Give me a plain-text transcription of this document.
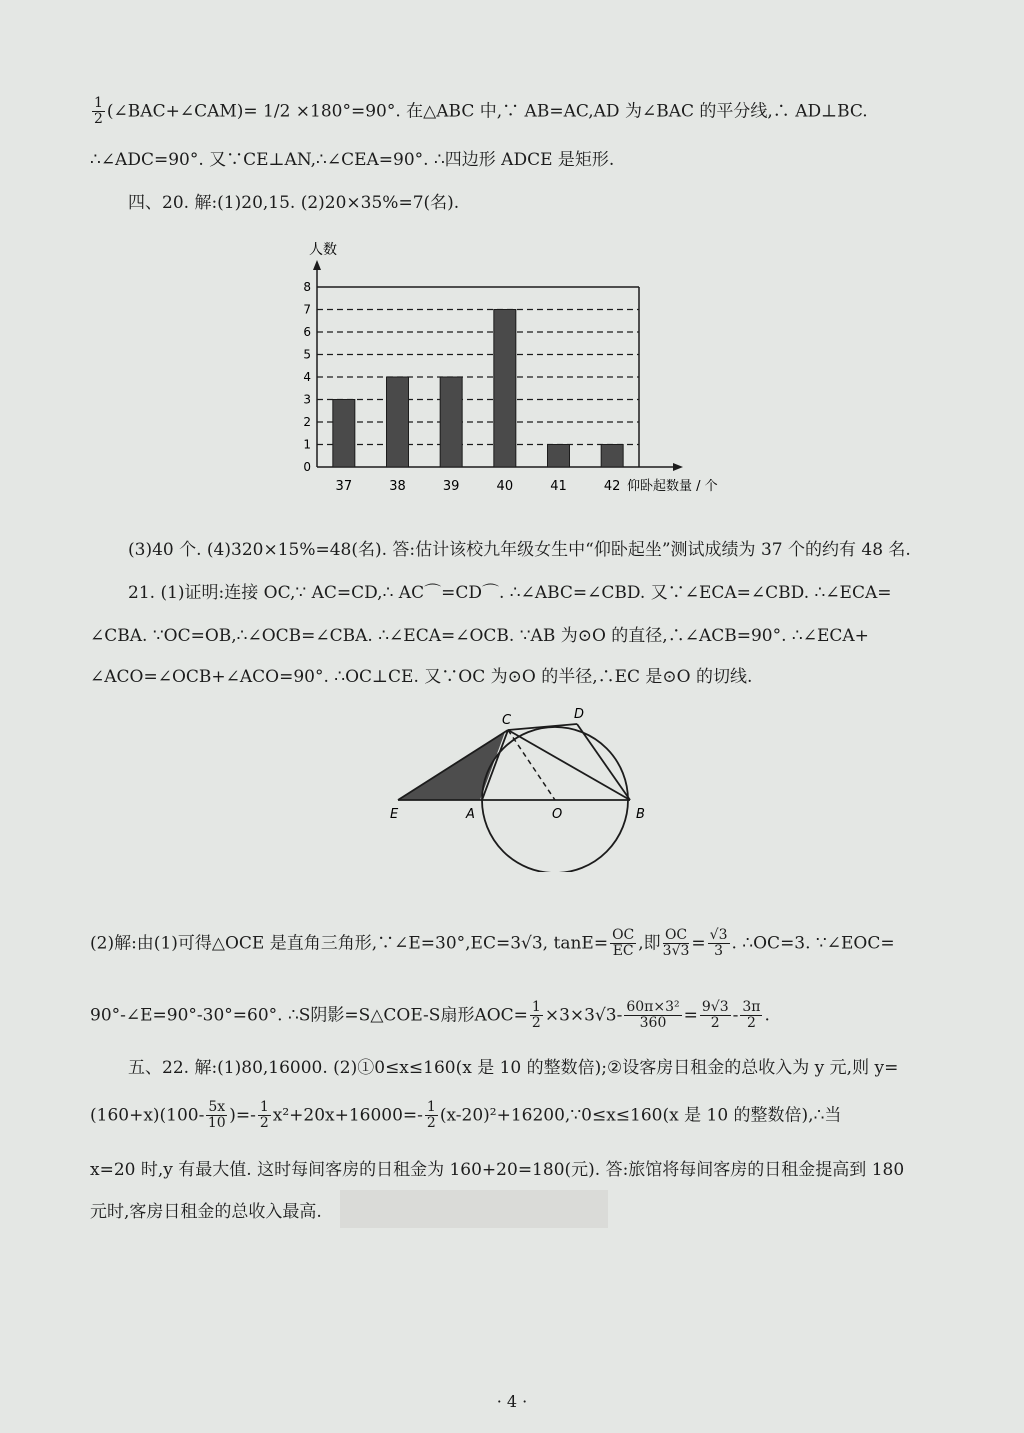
$\frac{1}{2}$ (∠BAC+∠CAM)= 1/2 ×180°=90°. 在△ABC 中,∵ AB=AC,AD 为∠BAC 的平分线,∴ AD⊥BC.
∴∠ADC=90°. 又∵CE⊥AN,∴∠CEA=90°. ∴四边形 ADCE 是矩形.
四、20. 解:(1)20,15. (2)20×35%=7(名).
人数
0
1
2
3
4
5
6
7
8
37	38	39	40	41	42 仰卧起数量 / 个
(3)40 个. (4)320×15%=48(名). 答:估计该校九年级女生中“仰卧起坐”测试成绩为 37 个的约有 48 名.
21. (1)证明:连接 OC,∵ AC=CD,∴ AC⌒=CD⌒. ∴∠ABC=∠CBD. 又∵∠ECA=∠CBD. ∴∠ECA=
∠CBA. ∵OC=OB,∴∠OCB=∠CBA. ∴∠ECA=∠OCB. ∵AB 为⊙O 的直径,∴∠ACB=90°. ∴∠ECA+
∠ACO=∠OCB+∠ACO=90°. ∴OC⊥CE. 又∵OC 为⊙O 的半径,∴EC 是⊙O 的切线.
C	D
E	A	O	B
(2)解:由(1)可得△OCE 是直角三角形,∵∠E=30°,EC=3√3, $\tan E= \frac{OC}{EC}$ ,即 $\frac{OC}{3√3} = \frac{√3}{3}$ . ∴OC=3. ∵∠EOC=
90°-∠E=90°-30°=60°. ∴S阴影=S△COE-S扇形$AOC= \frac{1}{2} \times 3\times 3√3- \frac{\text{60π×3²}}{360} = \frac{9√3}{2} - \frac{3\pi}{2}$ .
五、22. 解:(1)80,16000. (2)①0≤x≤160(x 是 10 的整数倍);②设客房日租金的总收入为 y 元,则 y=
$(160+x)(100- \frac{5x}{10}$ )=- $\frac{1}{2} x^2+20x+16000=- \frac{1}{2}$ (x-20)²+16200,∵0≤x≤160(x 是 10 的整数倍),∴当
x=20 时,y 有最大值. 这时每间客房的日租金为 160+20=180(元). 答:旅馆将每间客房的日租金提高到 180
元时,客房日租金的总收入最高.
· 4 ·
